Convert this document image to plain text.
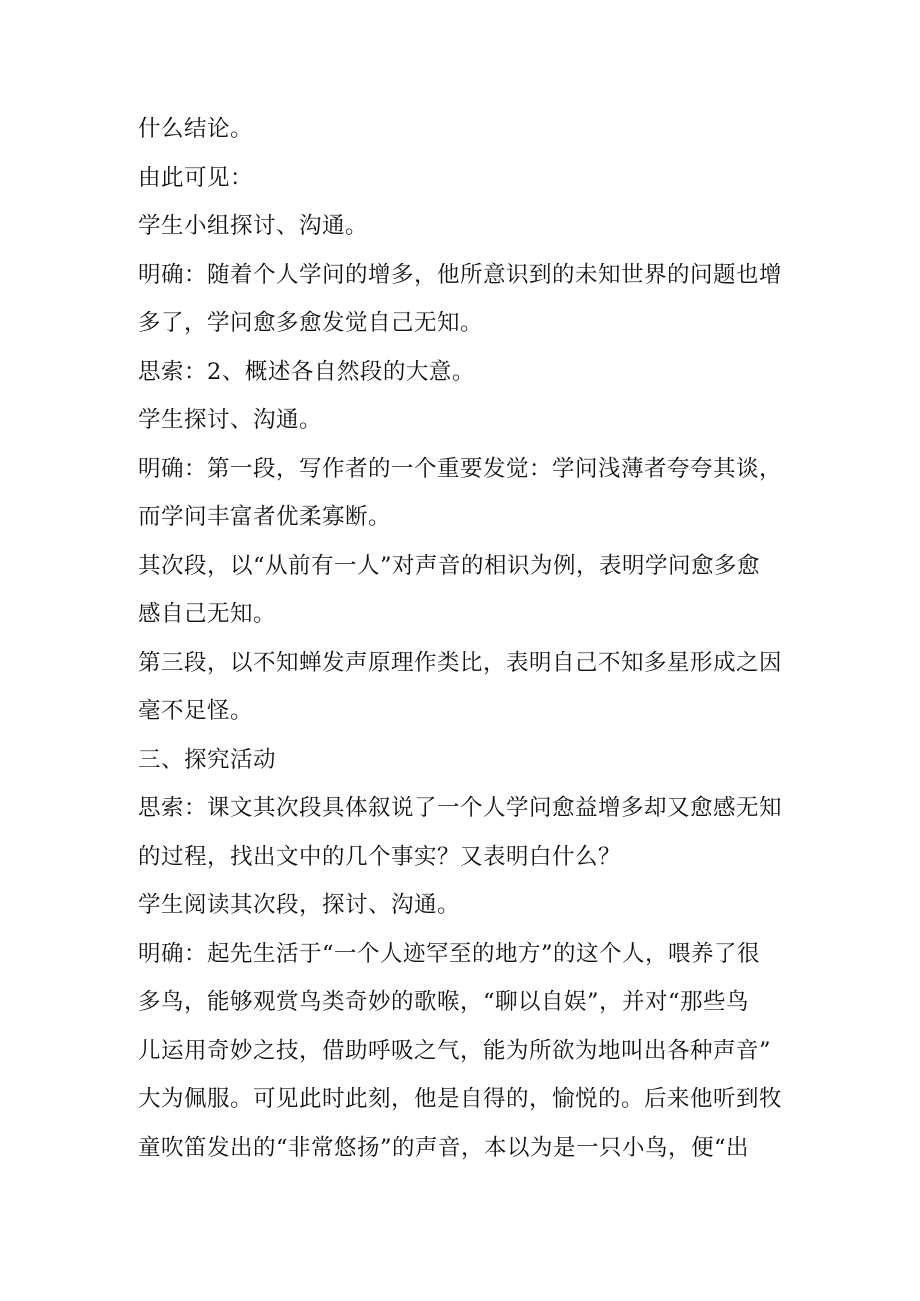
什么结论。

由此可见：

学生小组探讨、沟通。

明确：随着个人学问的增多，他所意识到的未知世界的问题也增

多了，学问愈多愈发觉自己无知。

思索：2、概述各自然段的大意。

学生探讨、沟通。

明确：第一段，写作者的一个重要发觉：学问浅薄者夸夸其谈，

而学问丰富者优柔寡断。

其次段，以“从前有一人”对声音的相识为例，表明学问愈多愈

感自己无知。

第三段，以不知蝉发声原理作类比，表明自己不知多星形成之因

毫不足怪。

三、探究活动

思索：课文其次段具体叙说了一个人学问愈益增多却又愈感无知

的过程，找出文中的几个事实？又表明白什么？

学生阅读其次段，探讨、沟通。

明确：起先生活于“一个人迹罕至的地方”的这个人，喂养了很

多鸟，能够观赏鸟类奇妙的歌喉，“聊以自娱”，并对“那些鸟

儿运用奇妙之技，借助呼吸之气，能为所欲为地叫出各种声音”

大为佩服。可见此时此刻，他是自得的，愉悦的。后来他听到牧

童吹笛发出的“非常悠扬”的声音，本以为是一只小鸟，便“出
